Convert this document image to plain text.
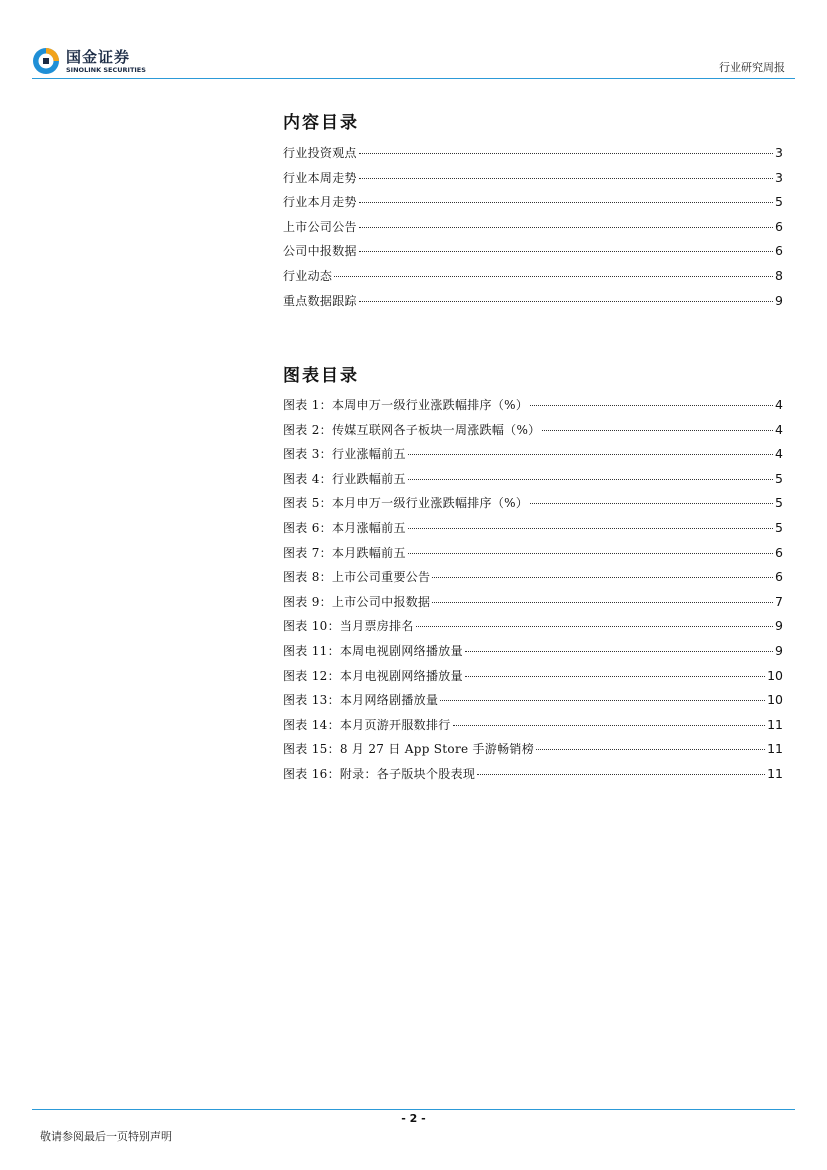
国金证券
SINOLINK SECURITIES	行业研究周报
内容目录
行业投资观点	3
行业本周走势	3
行业本月走势	5
上市公司公告	6
公司中报数据	6
行业动态	8
重点数据跟踪	9
图表目录
图表 1：本周申万一级行业涨跌幅排序（%）	4
图表 2：传媒互联网各子板块一周涨跌幅（%）	4
图表 3：行业涨幅前五	4
图表 4：行业跌幅前五	5
图表 5：本月申万一级行业涨跌幅排序（%）	5
图表 6：本月涨幅前五	5
图表 7：本月跌幅前五	6
图表 8：上市公司重要公告	6
图表 9：上市公司中报数据	7
图表 10：当月票房排名	9
图表 11：本周电视剧网络播放量	9
图表 12：本月电视剧网络播放量	10
图表 13：本月网络剧播放量	10
图表 14：本月页游开服数排行	11
图表 15：8 月 27 日 App Store 手游畅销榜	11
图表 16：附录：各子版块个股表现	11
- 2 -
敬请参阅最后一页特别声明
